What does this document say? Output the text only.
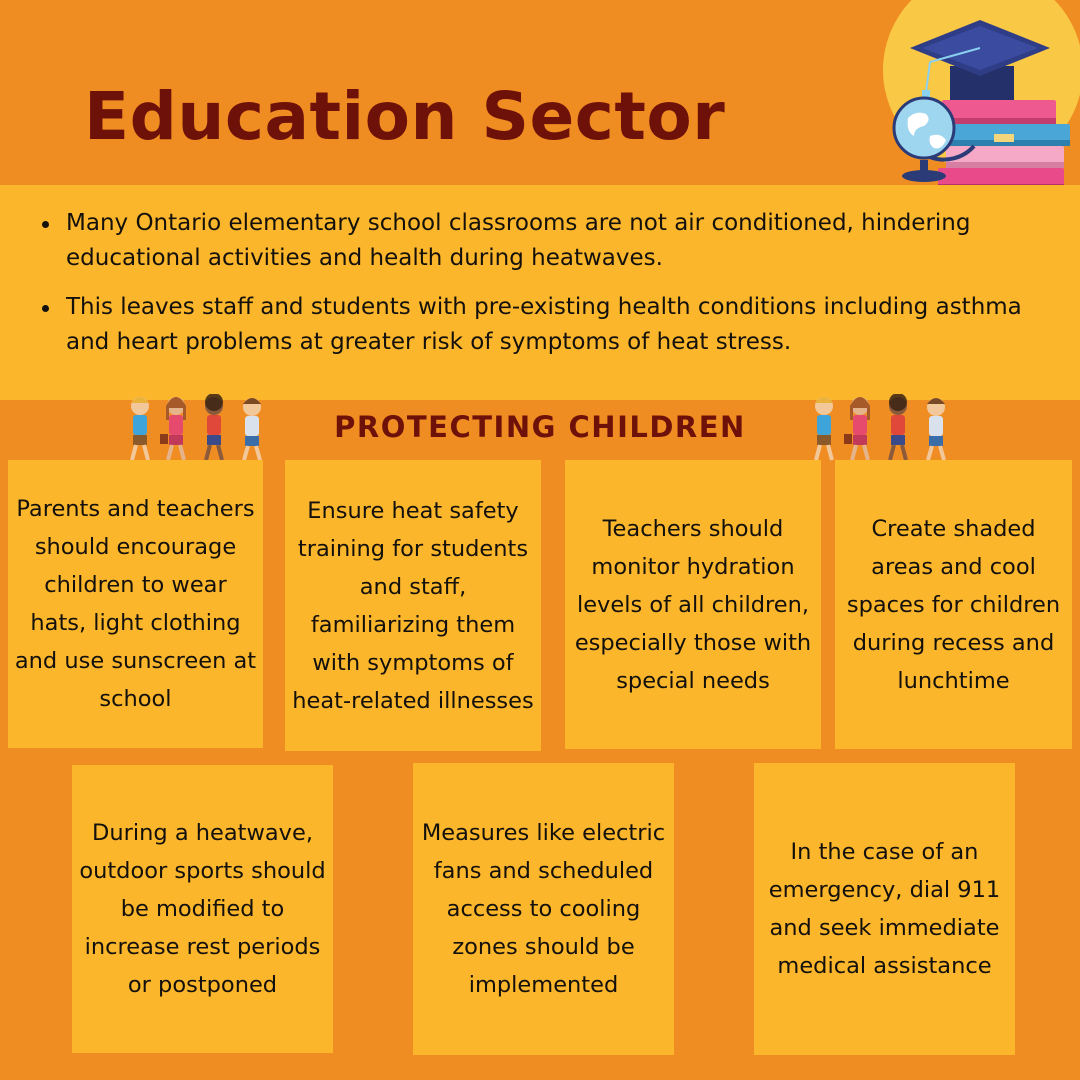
Education Sector
Many Ontario elementary school classrooms are not air conditioned, hindering educational activities and health during heatwaves.
This leaves staff and students with pre-existing health conditions including asthma and heart problems at greater risk of symptoms of heat stress.
PROTECTING CHILDREN
Parents and teachers should encourage children to wear hats, light clothing and use sunscreen at school
Ensure heat safety training for students and staff, familiarizing them with symptoms of heat-related illnesses
Teachers should monitor hydration levels of all children, especially those with special needs
Create shaded areas and cool spaces for children during recess and lunchtime
During a heatwave, outdoor sports should be modified to increase rest periods or postponed
Measures like electric fans and scheduled access to cooling zones should be implemented
In the case of an emergency, dial 911 and seek immediate medical assistance
